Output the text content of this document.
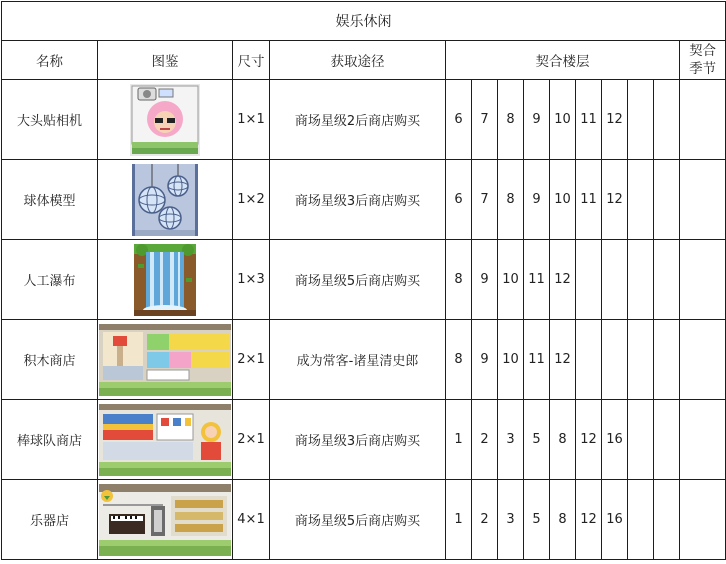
娱乐休闲													
名称	图鉴	尺寸	获取途径	契合楼层									契合
季节
大头贴相机		1×1	商场星级2后商店购买	6	7	8	9	10	11	12			
球体模型		1×2	商场星级3后商店购买	6	7	8	9	10	11	12			
人工瀑布		1×3	商场星级5后商店购买	8	9	10	11	12					
积木商店		2×1	成为常客-诸星清史郎	8	9	10	11	12					
棒球队商店		2×1	商场星级3后商店购买	1	2	3	5	8	12	16			
乐器店		4×1	商场星级5后商店购买	1	2	3	5	8	12	16			
